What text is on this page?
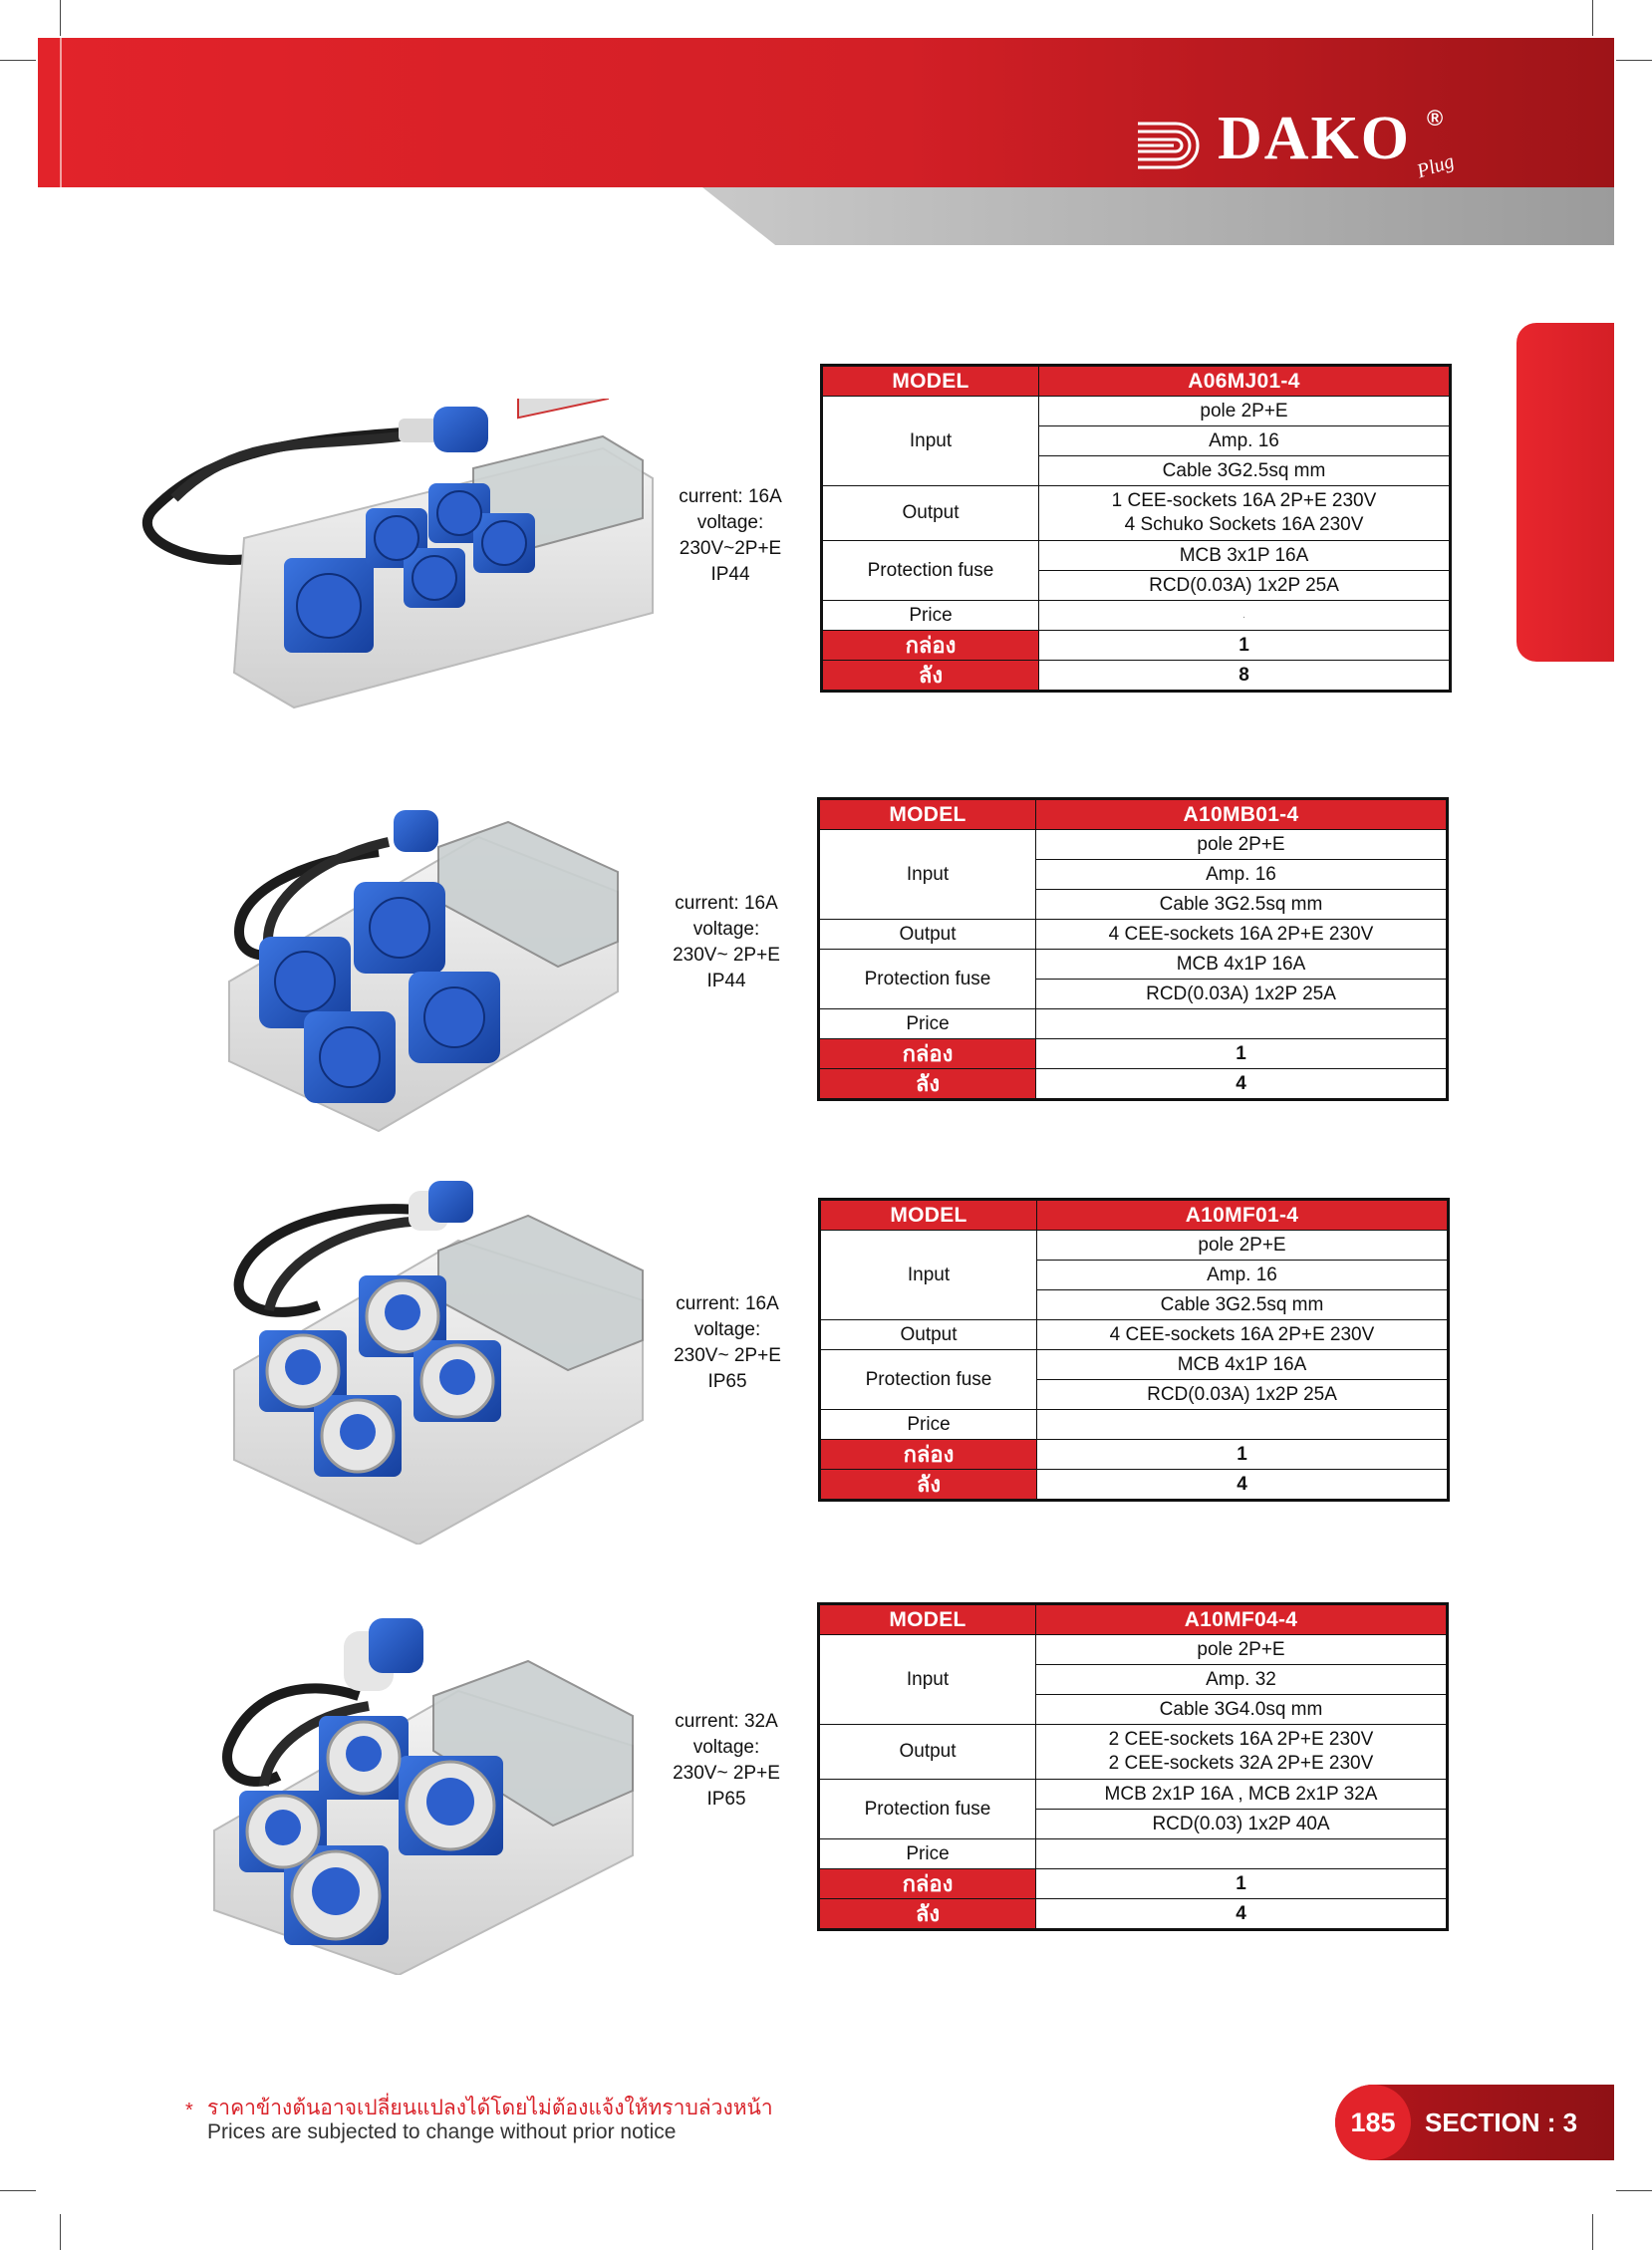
DAKO ®
Plug
current: 16A
voltage:
230V~2P+E
IP44
MODEL	A06MJ01-4
Input	pole 2P+E
	Amp. 16
	Cable 3G2.5sq mm
Output	1 CEE-sockets 16A 2P+E 230V
4 Schuko Sockets 16A 230V

Protection fuse	MCB 3x1P 16A
	RCD(0.03A) 1x2P 25A
Price	.
กล่อง	1
ลัง	8
current: 16A
voltage:
230V~ 2P+E
IP44
MODEL	A10MB01-4
Input	pole 2P+E
	Amp. 16
	Cable 3G2.5sq mm
Output	4 CEE-sockets 16A 2P+E 230V
Protection fuse	MCB 4x1P 16A
	RCD(0.03A) 1x2P 25A
Price	
กล่อง	1
ลัง	4
current: 16A
voltage:
230V~ 2P+E
IP65
MODEL	A10MF01-4
Input	pole 2P+E
	Amp. 16
	Cable 3G2.5sq mm
Output	4 CEE-sockets 16A 2P+E 230V
Protection fuse	MCB 4x1P 16A
	RCD(0.03A) 1x2P 25A
Price	
กล่อง	1
ลัง	4
current: 32A
voltage:
230V~ 2P+E
IP65
MODEL	A10MF04-4
Input	pole 2P+E
	Amp. 32
	Cable 3G4.0sq mm
Output	2 CEE-sockets 16A 2P+E 230V
2 CEE-sockets 32A 2P+E 230V

Protection fuse	MCB 2x1P 16A , MCB 2x1P 32A
	RCD(0.03) 1x2P 40A
Price	
กล่อง	1
ลัง	4
* ราคาข้างต้นอาจเปลี่ยนแปลงได้โดยไม่ต้องแจ้งให้ทราบล่วงหน้า
Prices are subjected to change without prior notice	185	SECTION : 3
